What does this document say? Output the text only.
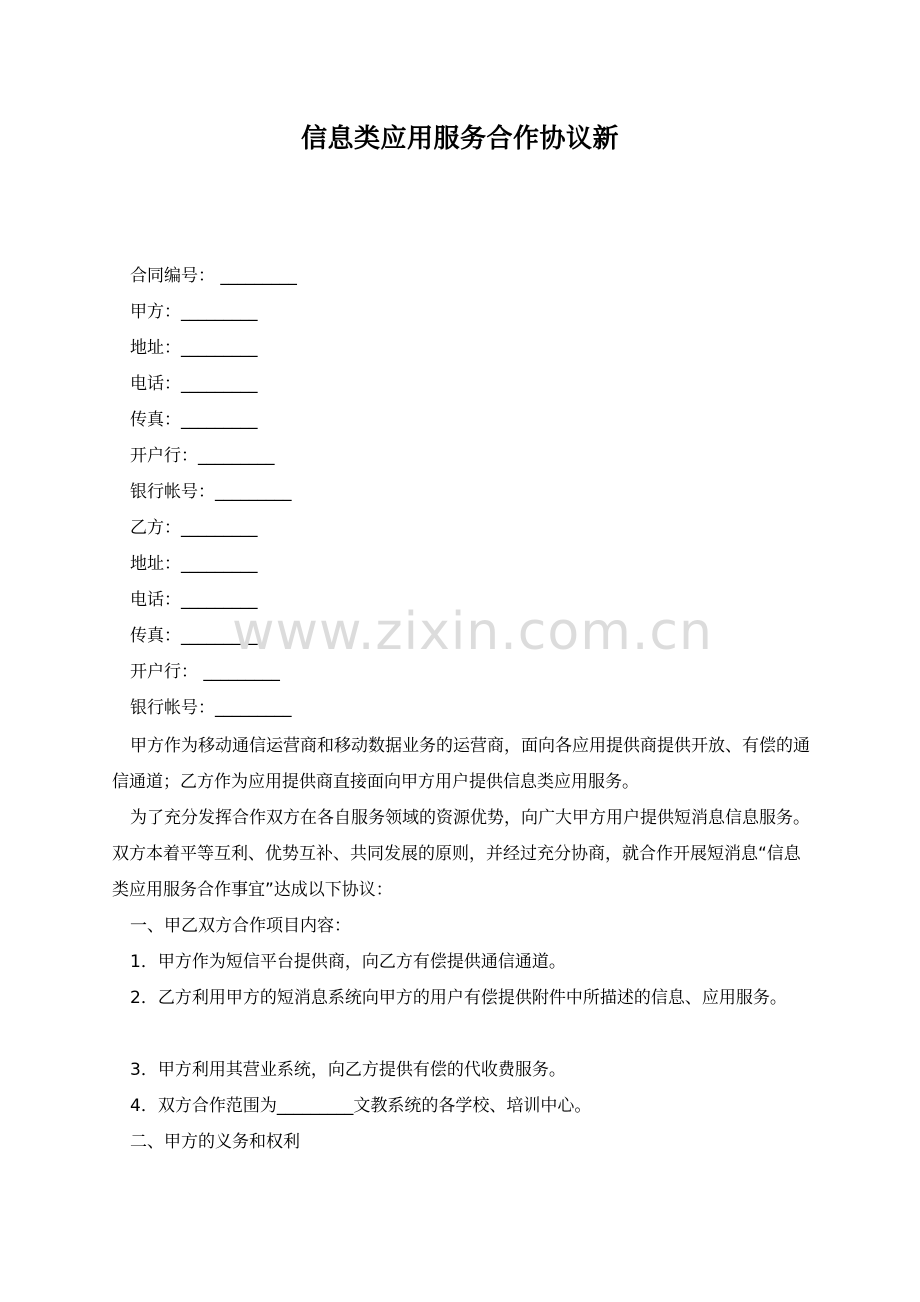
信息类应用服务合作协议新
合同编号： _________
甲方：_________
地址：_________
电话：_________
传真：_________
开户行：_________
银行帐号：_________
乙方：_________
地址：_________
电话：_________
传真：_________
开户行： _________
银行帐号：_________
甲方作为移动通信运营商和移动数据业务的运营商，面向各应用提供商提供开放、有偿的通信通道；乙方作为应用提供商直接面向甲方用户提供信息类应用服务。
为了充分发挥合作双方在各自服务领域的资源优势，向广大甲方用户提供短消息信息服务。双方本着平等互利、优势互补、共同发展的原则，并经过充分协商，就合作开展短消息“信息类应用服务合作事宜”达成以下协议：
一、甲乙双方合作项目内容：
1．甲方作为短信平台提供商，向乙方有偿提供通信通道。
2．乙方利用甲方的短消息系统向甲方的用户有偿提供附件中所描述的信息、应用服务。
3．甲方利用其营业系统，向乙方提供有偿的代收费服务。
4．双方合作范围为_________文教系统的各学校、培训中心。
二、甲方的义务和权利
www.zixin.com.cn
